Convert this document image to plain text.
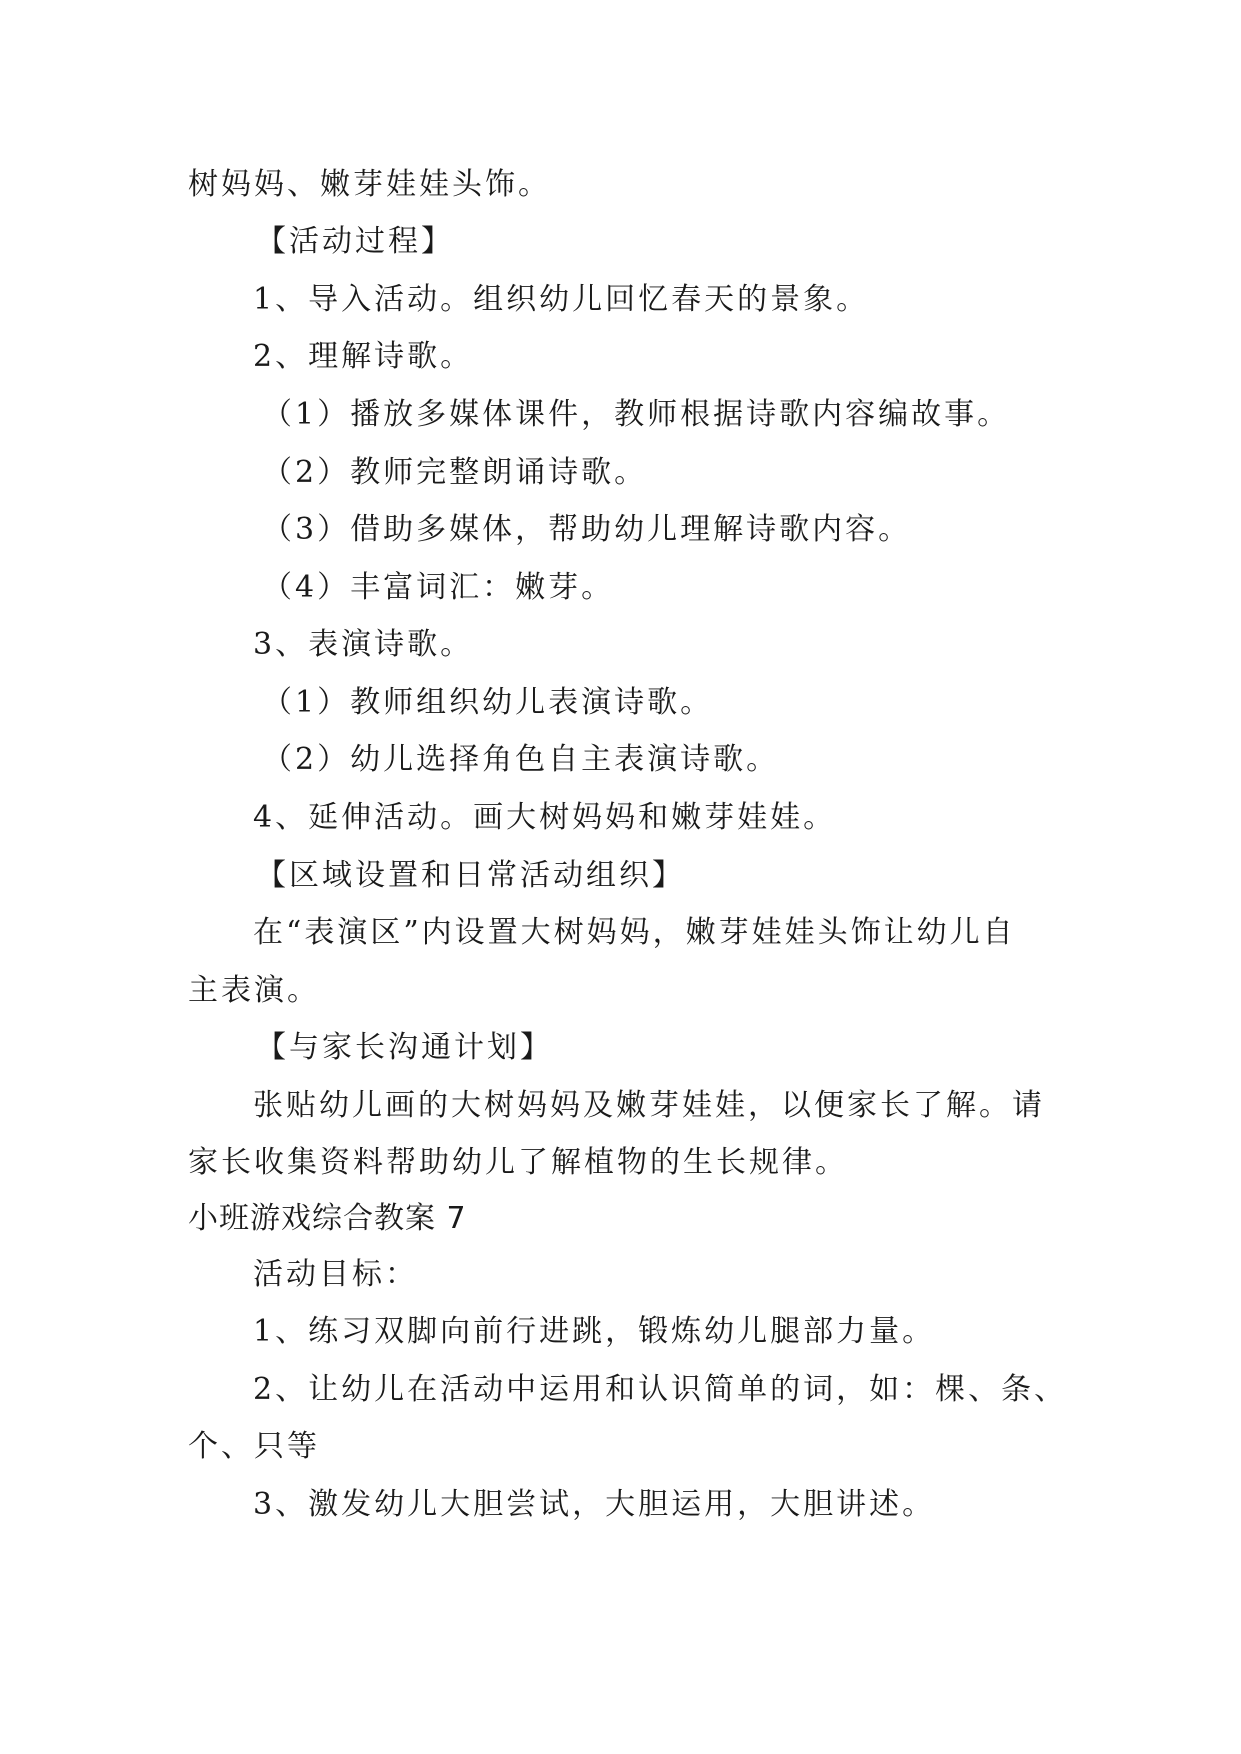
树妈妈、嫩芽娃娃头饰。
【活动过程】
1、导入活动。组织幼儿回忆春天的景象。
2、理解诗歌。
（1）播放多媒体课件，教师根据诗歌内容编故事。
（2）教师完整朗诵诗歌。
（3）借助多媒体，帮助幼儿理解诗歌内容。
（4）丰富词汇：嫩芽。
3、表演诗歌。
（1）教师组织幼儿表演诗歌。
（2）幼儿选择角色自主表演诗歌。
4、延伸活动。画大树妈妈和嫩芽娃娃。
【区域设置和日常活动组织】
在“表演区”内设置大树妈妈，嫩芽娃娃头饰让幼儿自
主表演。
【与家长沟通计划】
张贴幼儿画的大树妈妈及嫩芽娃娃，以便家长了解。请
家长收集资料帮助幼儿了解植物的生长规律。
小班游戏综合教案 7
活动目标：
1、练习双脚向前行进跳，锻炼幼儿腿部力量。
2、让幼儿在活动中运用和认识简单的词，如：棵、条、
个、只等
3、激发幼儿大胆尝试，大胆运用，大胆讲述。
